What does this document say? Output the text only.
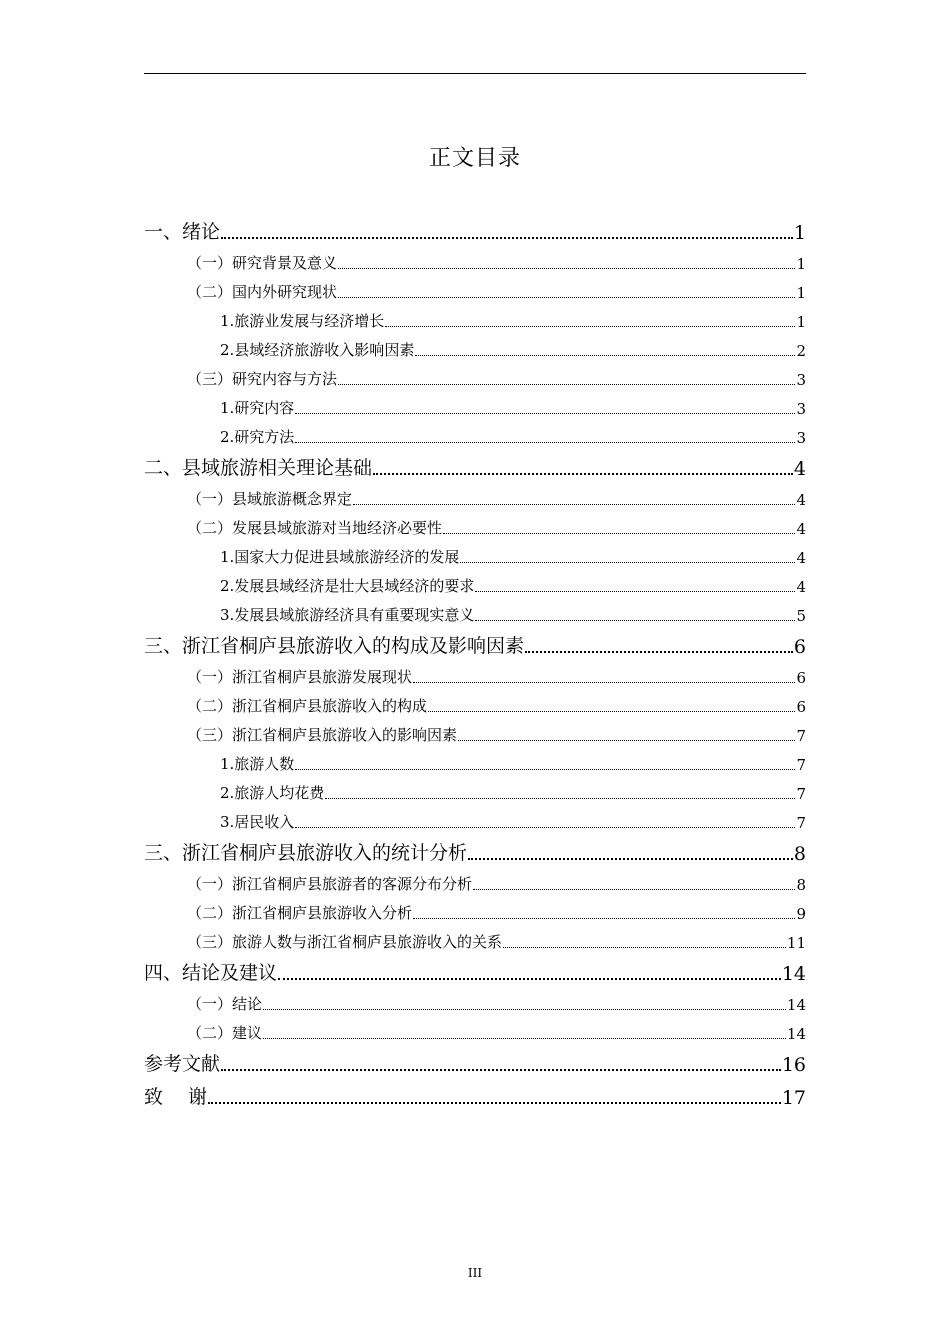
正文目录
一、绪论	1
（一）研究背景及意义	1
（二）国内外研究现状	1
1.旅游业发展与经济增长	1
2.县域经济旅游收入影响因素	2
（三）研究内容与方法	3
1.研究内容	3
2.研究方法	3
二、县域旅游相关理论基础	4
（一）县域旅游概念界定	4
（二）发展县域旅游对当地经济必要性	4
1.国家大力促进县域旅游经济的发展	4
2.发展县域经济是壮大县域经济的要求	4
3.发展县域旅游经济具有重要现实意义	5
三、浙江省桐庐县旅游收入的构成及影响因素	6
（一）浙江省桐庐县旅游发展现状	6
（二）浙江省桐庐县旅游收入的构成	6
（三）浙江省桐庐县旅游收入的影响因素	7
1.旅游人数	7
2.旅游人均花费	7
3.居民收入	7
三、浙江省桐庐县旅游收入的统计分析	8
（一）浙江省桐庐县旅游者的客源分布分析	8
（二）浙江省桐庐县旅游收入分析	9
（三）旅游人数与浙江省桐庐县旅游收入的关系	11
四、结论及建议	14
（一）结论	14
（二）建议	14
参考文献	16
致　 谢	17
III
